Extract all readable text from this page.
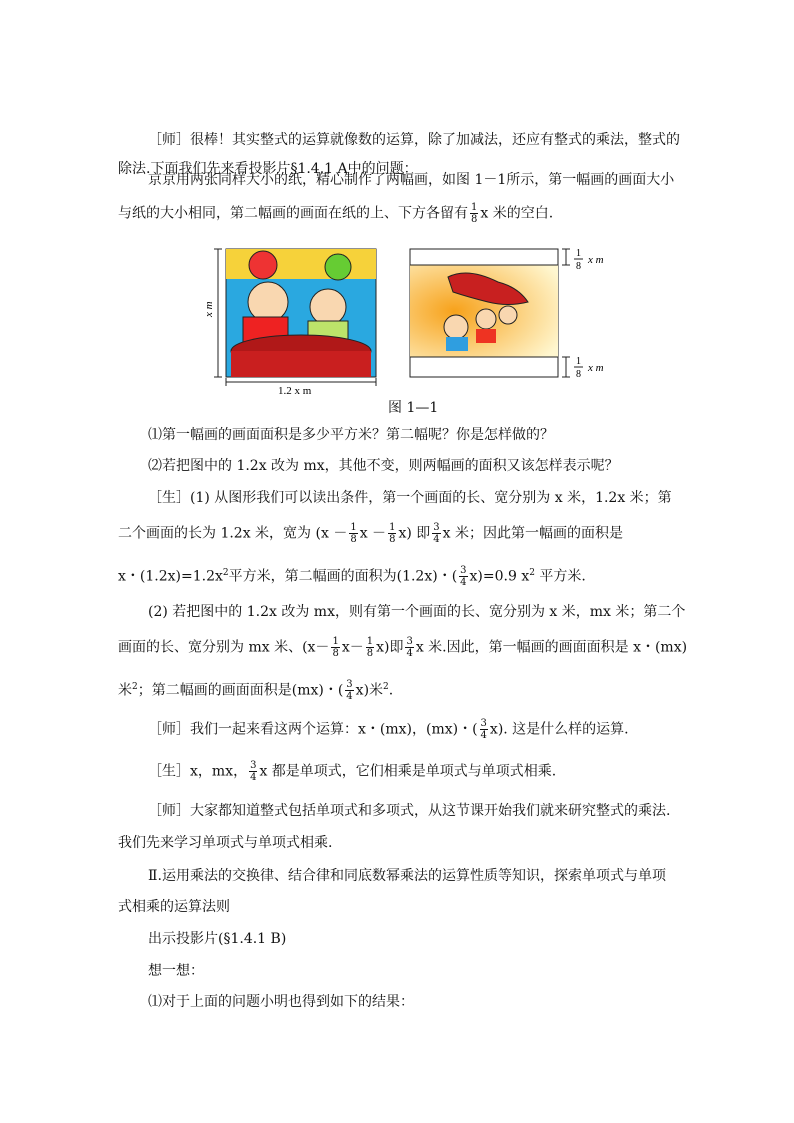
［师］很棒！其实整式的运算就像数的运算，除了加减法，还应有整式的乘法，整式的
除法.下面我们先来看投影片§1.4.1 A中的问题：
京京用两张同样大小的纸，精心制作了两幅画，如图 1－1所示，第一幅画的画面大小
与纸的大小相同，第二幅画的画面在纸的上、下方各留有 $\frac{1}{8}$ x 米的空白.
x m
1.2 x m
1
8
x m
1
8
x m
图 1—1
⑴第一幅画的画面面积是多少平方米？第二幅呢？你是怎样做的？
⑵若把图中的 1.2x 改为 mx，其他不变，则两幅画的面积又该怎样表示呢？
［生］(1) 从图形我们可以读出条件，第一个画面的长、宽分别为 x 米，1.2x 米；第
二个画面的长为 1.2x 米，宽为 ($x - \frac{1}{8}$ $x - \frac{1}{8} x$) 即 $\frac{3}{4}$ x 米；因此第一幅画的面积是
x・$(1.2x)=1.2x^2$平方米，第二幅画的面积为(1.2x)・( $\frac{3}{4} x)=0.9$ $x^2$ 平方米.
(2) 若把图中的 1.2x 改为 mx，则有第一个画面的长、宽分别为 x 米，mx 米；第二个
画面的长、宽分别为 mx 米、$(x- \frac{1}{8} x- \frac{1}{8} x)$即 $\frac{3}{4}$ x 米.因此，第一幅画的画面面积是 x・(mx)
米$^2$；第二幅画的画面面积是(mx)・( $\frac{3}{4} x$)米$^2$.
［师］我们一起来看这两个运算：x・(mx)，(mx)・( $\frac{3}{4} x$). 这是什么样的运算.
［生］x，mx， $\frac{3}{4}$ x 都是单项式，它们相乘是单项式与单项式相乘.
［师］大家都知道整式包括单项式和多项式，从这节课开始我们就来研究整式的乘法.
我们先来学习单项式与单项式相乘.
Ⅱ.运用乘法的交换律、结合律和同底数幂乘法的运算性质等知识，探索单项式与单项
式相乘的运算法则
出示投影片(§1.4.1 B)
想一想：
⑴对于上面的问题小明也得到如下的结果：
